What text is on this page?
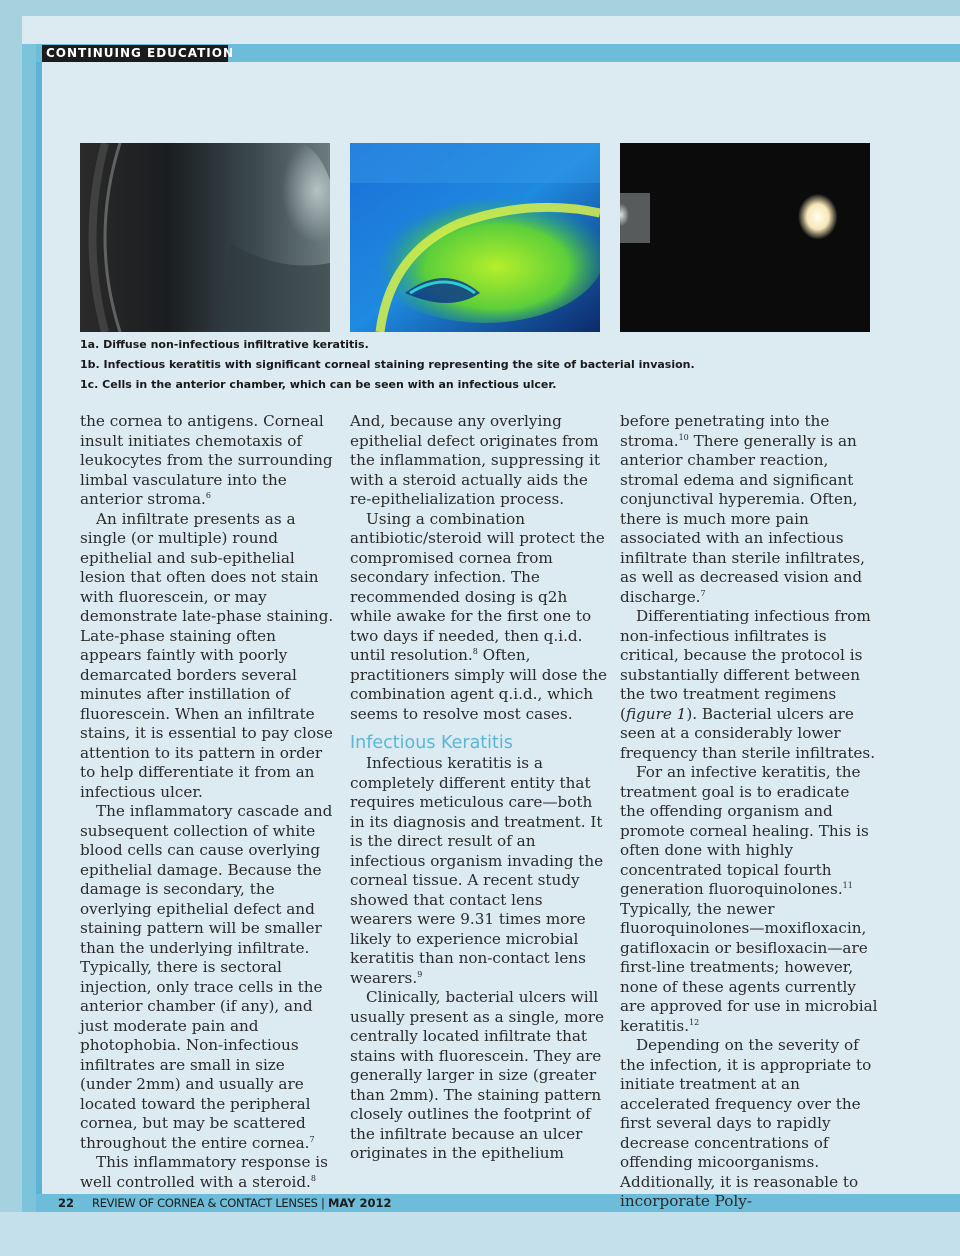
CONTINUING EDUCATION
1a. Diffuse non-infectious infiltrative keratitis.
1b. Infectious keratitis with significant corneal staining representing the site of bacterial invasion.
1c. Cells in the anterior chamber, which can be seen with an infectious ulcer.

the cornea to antigens. Corneal insult initiates chemotaxis of leukocytes from the surrounding limbal vasculature into the anterior stroma.$^6$

An infiltrate presents as a single (or multiple) round epithelial and sub-epithelial lesion that often does not stain with fluorescein, or may demonstrate late-phase staining. Late-phase staining often appears faintly with poorly demarcated borders several minutes after instillation of fluorescein. When an infiltrate stains, it is essential to pay close attention to its pattern in order to help differentiate it from an infectious ulcer.

The inflammatory cascade and subsequent collection of white blood cells can cause overlying epithelial damage. Because the damage is secondary, the overlying epithelial defect and staining pattern will be smaller than the underlying infiltrate. Typically, there is sectoral injection, only trace cells in the anterior chamber (if any), and just moderate pain and photophobia. Non-infectious infiltrates are small in size (under 2mm) and usually are located toward the peripheral cornea, but may be scattered throughout the entire cornea.$^7$

This inflammatory response is well controlled with a steroid.$^8$

And, because any overlying epithelial defect originates from the inflammation, suppressing it with a steroid actually aids the re-epithelialization process.

Using a combination antibiotic/steroid will protect the compromised cornea from secondary infection. The recommended dosing is q2h while awake for the first one to two days if needed, then q.i.d. until resolution.$^8$ Often, practitioners simply will dose the combination agent q.i.d., which seems to resolve most cases.

Infectious Keratitis

Infectious keratitis is a completely different entity that requires meticulous care—both in its diagnosis and treatment. It is the direct result of an infectious organism invading the corneal tissue. A recent study showed that contact lens wearers were 9.31 times more likely to experience microbial keratitis than non-contact lens wearers.$^9$

Clinically, bacterial ulcers will usually present as a single, more centrally located infiltrate that stains with fluorescein. They are generally larger in size (greater than 2mm). The staining pattern closely outlines the footprint of the infiltrate because an ulcer originates in the epithelium

before penetrating into the stroma.$^{10}$ There generally is an anterior chamber reaction, stromal edema and significant conjunctival hyperemia. Often, there is much more pain associated with an infectious infiltrate than sterile infiltrates, as well as decreased vision and discharge.$^7$

Differentiating infectious from non-infectious infiltrates is critical, because the protocol is substantially different between the two treatment regimens (figure 1). Bacterial ulcers are seen at a considerably lower frequency than sterile infiltrates.

For an infective keratitis, the treatment goal is to eradicate the offending organism and promote corneal healing. This is often done with highly concentrated topical fourth generation fluoroquinolones.$^{11}$ Typically, the newer fluoroquinolones—moxifloxacin, gatifloxacin or besifloxacin—are first-line treatments; however, none of these agents currently are approved for use in microbial keratitis.$^{12}$

Depending on the severity of the infection, it is appropriate to initiate treatment at an accelerated frequency over the first several days to rapidly decrease concentrations of offending micoorganisms. Additionally, it is reasonable to incorporate Poly-

22 REVIEW OF CORNEA & CONTACT LENSES | MAY 2012
